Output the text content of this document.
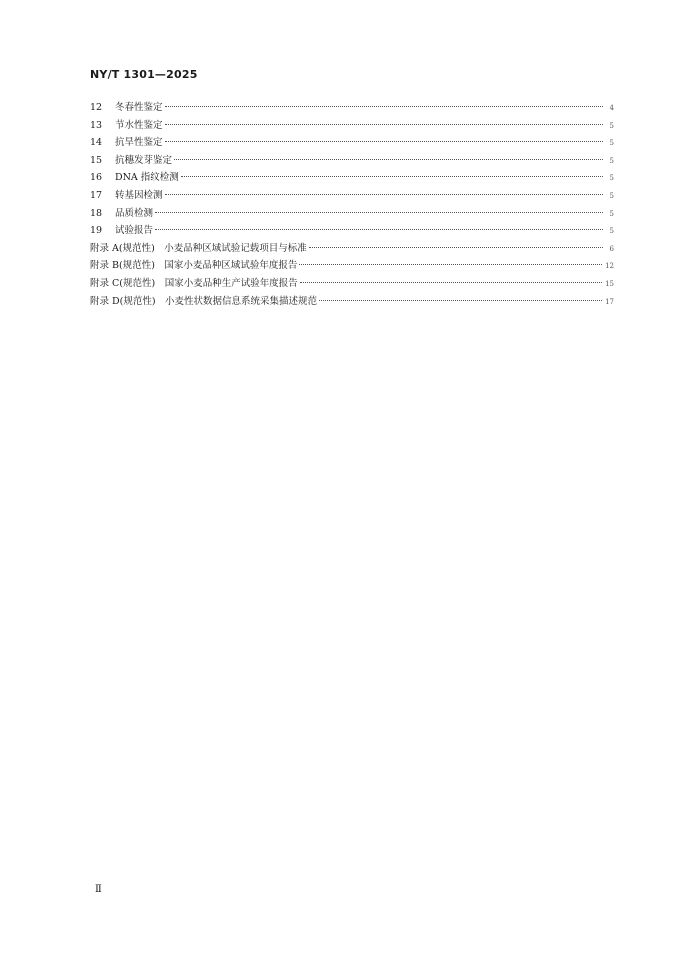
NY/T 1301—2025
12	冬春性鉴定	4
13	节水性鉴定	5
14	抗旱性鉴定	5
15	抗穗发芽鉴定	5
16	DNA 指纹检测	5
17	转基因检测	5
18	品质检测	5
19	试验报告	5
附录 A(规范性)　小麦品种区域试验记载项目与标准	6
附录 B(规范性)　国家小麦品种区域试验年度报告	12
附录 C(规范性)　国家小麦品种生产试验年度报告	15
附录 D(规范性)　小麦性状数据信息系统采集描述规范	17
Ⅱ
